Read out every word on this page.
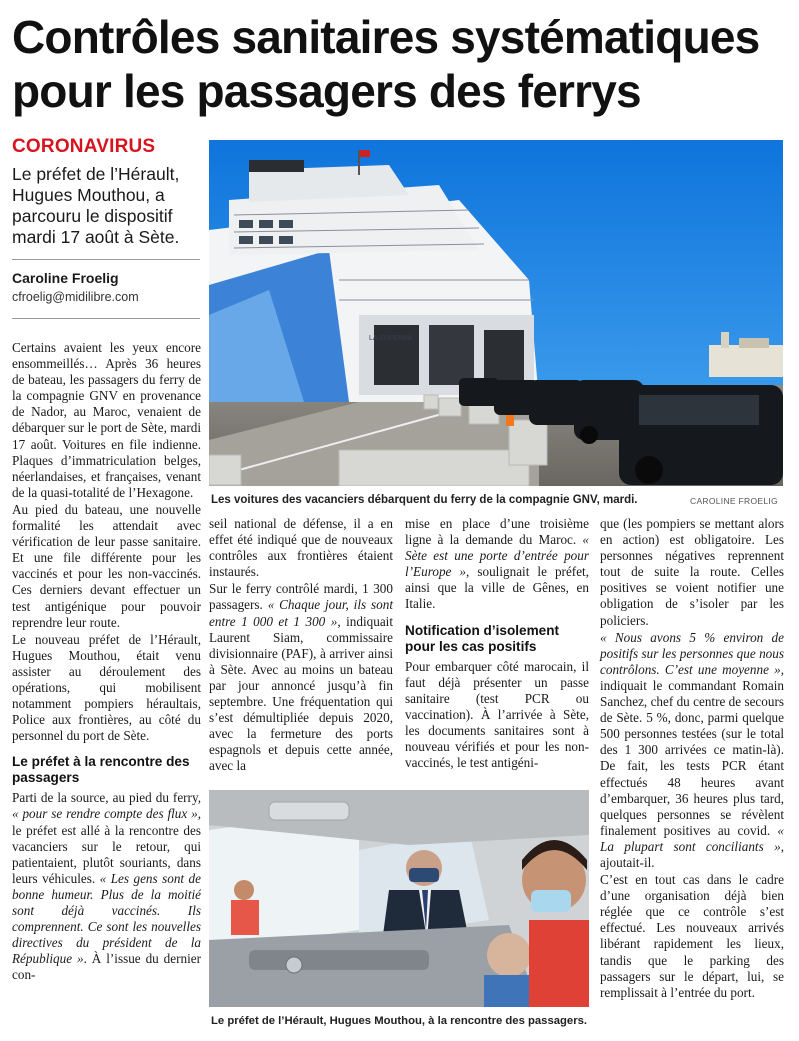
Contrôles sanitaires systématiques
pour les passagers des ferrys
CORONAVIRUS
Le préfet de l’Hérault,
Hugues Mouthou, a
parcouru le dispositif
mardi 17 août à Sète.
Caroline Froelig
cfroelig@midilibre.com

Certains avaient les yeux encore ensommeillés… Après 36 heures de bateau, les passagers du ferry de la compagnie GNV en provenance de Nador, au Maroc, venaient de débarquer sur le port de Sète, mardi 17 août. Voitures en file indienne. Plaques d’immatriculation belges, néerlandaises, et françaises, venant de la quasi-totalité de l’Hexagone.

Au pied du bateau, une nouvelle formalité les attendait avec vérification de leur passe sanitaire. Et une file différente pour les vaccinés et pour les non-vaccinés. Ces derniers devant effectuer un test antigénique pour pouvoir reprendre leur route.

Le nouveau préfet de l’Hérault, Hugues Mouthou, était venu assister au déroulement des opérations, qui mobilisent notamment pompiers héraultais, Police aux frontières, au côté du personnel du port de Sète.

Le préfet à la rencontre des passagers

Parti de la source, au pied du ferry, « pour se rendre compte des flux », le préfet est allé à la rencontre des vacanciers sur le retour, qui patientaient, plutôt souriants, dans leurs véhicules. « Les gens sont de bonne humeur. Plus de la moitié sont déjà vaccinés. Ils comprennent. Ce sont les nouvelles directives du président de la République ». À l’issue du dernier con-

LA SUPERBA
Les voitures des vacanciers débarquent du ferry de la compagnie GNV, mardi.	CAROLINE FROELIG

seil national de défense, il a en effet été indiqué que de nouveaux contrôles aux frontières étaient instaurés.

Sur le ferry contrôlé mardi, 1 300 passagers. « Chaque jour, ils sont entre 1 000 et 1 300 », indiquait Laurent Siam, commissaire divisionnaire (PAF), à arriver ainsi à Sète. Avec au moins un bateau par jour annoncé jusqu’à fin septembre. Une fréquentation qui s’est démultipliée depuis 2020, avec la fermeture des ports espagnols et depuis cette année, avec la

mise en place d’une troisième ligne à la demande du Maroc. « Sète est une porte d’entrée pour l’Europe », soulignait le préfet, ainsi que la ville de Gênes, en Italie.

Notification d’isolement pour les cas positifs

Pour embarquer côté marocain, il faut déjà présenter un passe sanitaire (test PCR ou vaccination). À l’arrivée à Sète, les documents sanitaires sont à nouveau vérifiés et pour les non-vaccinés, le test antigéni-

que (les pompiers se mettant alors en action) est obligatoire. Les personnes négatives reprennent tout de suite la route. Celles positives se voient notifier une obligation de s’isoler par les policiers.

« Nous avons 5 % environ de positifs sur les personnes que nous contrôlons. C’est une moyenne », indiquait le commandant Romain Sanchez, chef du centre de secours de Sète. 5 %, donc, parmi quelque 500 personnes testées (sur le total des 1 300 arrivées ce matin-là). De fait, les tests PCR étant effectués 48 heures avant d’embarquer, 36 heures plus tard, quelques personnes se révèlent finalement positives au covid. « La plupart sont conciliants », ajoutait-il.

C’est en tout cas dans le cadre d’une organisation déjà bien réglée que ce contrôle s’est effectué. Les nouveaux arrivés libérant rapidement les lieux, tandis que le parking des passagers sur le départ, lui, se remplissait à l’entrée du port.

Le préfet de l’Hérault, Hugues Mouthou, à la rencontre des passagers.
